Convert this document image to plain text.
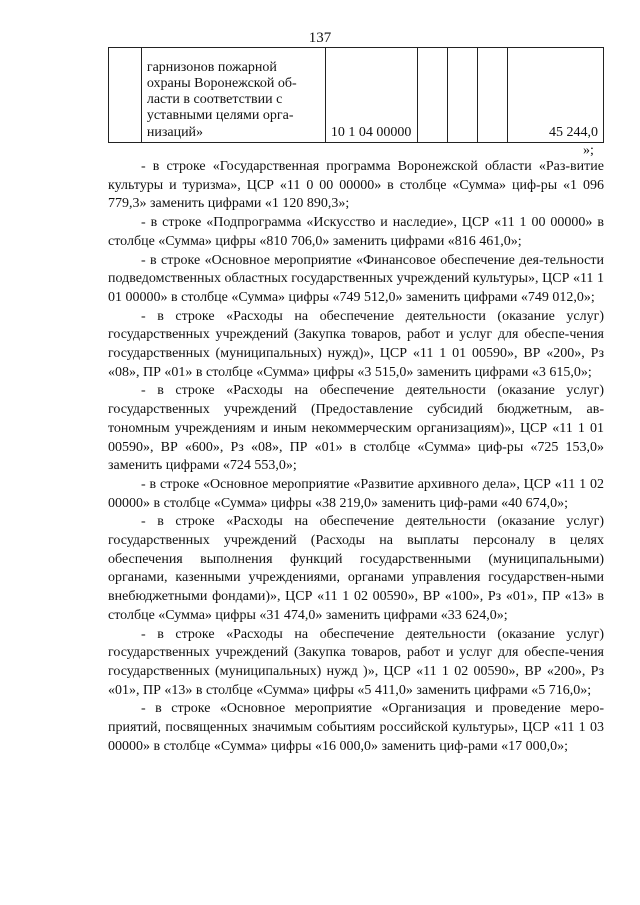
137

гарнизонов пожарной
охраны Воронежской об-
ласти в соответствии с
уставными целями орга-
низаций»	10 1 04 00000				45 244,0
»;

- в строке «Государственная программа Воронежской области «Раз-витие культуры и туризма», ЦСР «11 0 00 00000» в столбце «Сумма» циф-ры «1 096 779,3» заменить цифрами «1 120 890,3»;

- в строке «Подпрограмма «Искусство и наследие», ЦСР «11 1 00 00000» в столбце «Сумма» цифры «810 706,0» заменить цифрами «816 461,0»;

- в строке «Основное мероприятие «Финансовое обеспечение дея-тельности подведомственных областных государственных учреждений культуры», ЦСР «11 1 01 00000» в столбце «Сумма» цифры «749 512,0» заменить цифрами «749 012,0»;

- в строке «Расходы на обеспечение деятельности (оказание услуг) государственных учреждений (Закупка товаров, работ и услуг для обеспе-чения государственных (муниципальных) нужд)», ЦСР «11 1 01 00590», ВР «200», Рз «08», ПР «01» в столбце «Сумма» цифры «3 515,0» заменить цифрами «3 615,0»;

- в строке «Расходы на обеспечение деятельности (оказание услуг) государственных учреждений (Предоставление субсидий бюджетным, ав-тономным учреждениям и иным некоммерческим организациям)», ЦСР «11 1 01 00590», ВР «600», Рз «08», ПР «01» в столбце «Сумма» циф-ры «725 153,0» заменить цифрами «724 553,0»;

- в строке «Основное мероприятие «Развитие архивного дела», ЦСР «11 1 02 00000» в столбце «Сумма» цифры «38 219,0» заменить циф-рами «40 674,0»;

- в строке «Расходы на обеспечение деятельности (оказание услуг) государственных учреждений (Расходы на выплаты персоналу в целях обеспечения выполнения функций государственными (муниципальными) органами, казенными учреждениями, органами управления государствен-ными внебюджетными фондами)», ЦСР «11 1 02 00590», ВР «100», Рз «01», ПР «13» в столбце «Сумма» цифры «31 474,0» заменить цифрами «33 624,0»;

- в строке «Расходы на обеспечение деятельности (оказание услуг) государственных учреждений (Закупка товаров, работ и услуг для обеспе-чения государственных (муниципальных) нужд )», ЦСР «11 1 02 00590», ВР «200», Рз «01», ПР «13» в столбце «Сумма» цифры «5 411,0» заменить цифрами «5 716,0»;

- в строке «Основное мероприятие «Организация и проведение меро-приятий, посвященных значимым событиям российской культуры», ЦСР «11 1 03 00000» в столбце «Сумма» цифры «16 000,0» заменить циф-рами «17 000,0»;
